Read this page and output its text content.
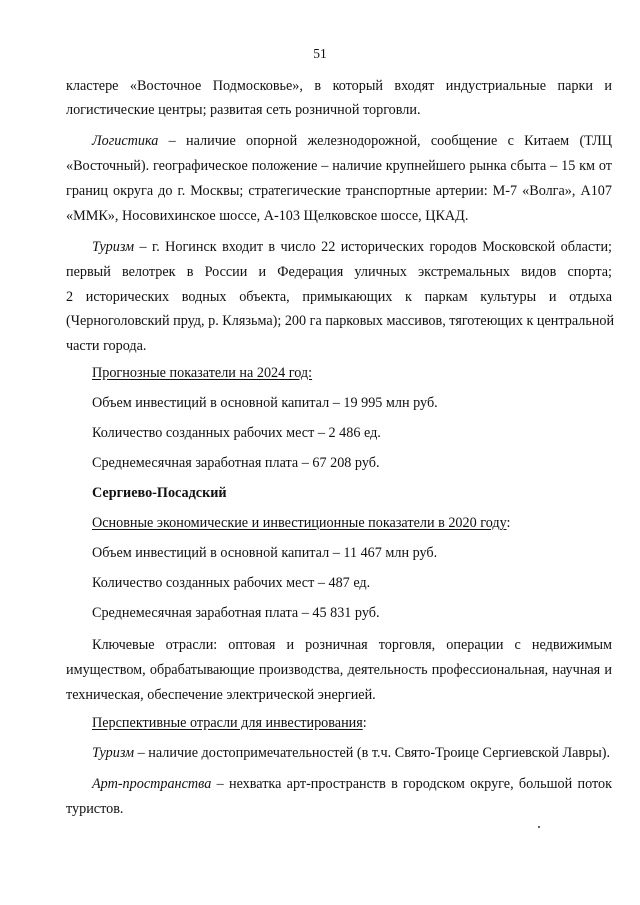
51
кластере «Восточное Подмосковье», в который входят индустриальные парки и
логистические центры; развитая сеть розничной торговли.
Логистика – наличие опорной железнодорожной, сообщение с Китаем (ТЛЦ
«Восточный). географическое положение – наличие крупнейшего рынка сбыта – 15 км от
границ округа до г. Москвы; стратегические транспортные артерии: М-7 «Волга», А107
«ММК», Носовихинское шоссе, А-103 Щелковское шоссе, ЦКАД.
Туризм – г. Ногинск входит в число 22 исторических городов Московской области;
первый велотрек в России и Федерация уличных экстремальных видов спорта;
2 исторических водных объекта, примыкающих к паркам культуры и отдыха
(Черноголовский пруд, р. Клязьма); 200 га парковых массивов, тяготеющих к центральной
части города.
Прогнозные показатели на 2024 год:
Объем инвестиций в основной капитал – 19 995 млн руб.
Количество созданных рабочих мест – 2 486 ед.
Среднемесячная заработная плата – 67 208 руб.
Сергиево-Посадский
Основные экономические и инвестиционные показатели в 2020 году:
Объем инвестиций в основной капитал – 11 467 млн руб.
Количество созданных рабочих мест – 487 ед.
Среднемесячная заработная плата – 45 831 руб.
Ключевые отрасли: оптовая и розничная торговля, операции с недвижимым
имуществом, обрабатывающие производства, деятельность профессиональная, научная и
техническая, обеспечение электрической энергией.
Перспективные отрасли для инвестирования:
Туризм – наличие достопримечательностей (в т.ч. Свято-Троице Сергиевской Лавры).
Арт-пространства – нехватка арт-пространств в городском округе, большой поток
туристов.
